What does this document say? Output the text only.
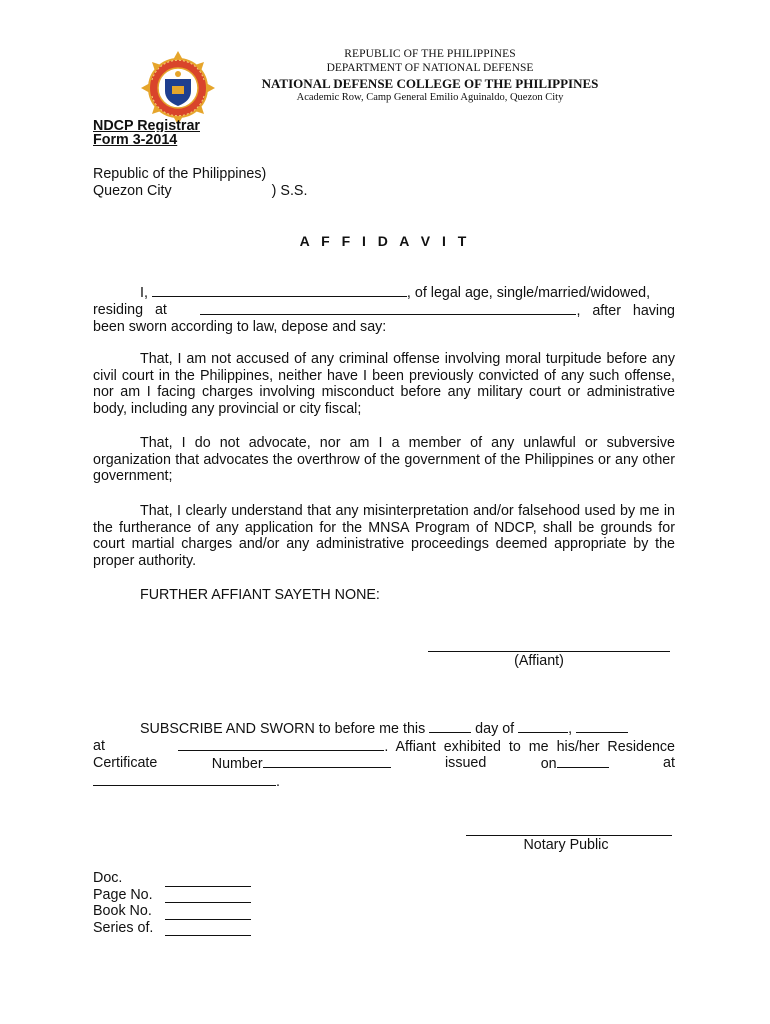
REPUBLIC OF THE PHILIPPINES
DEPARTMENT OF NATIONAL DEFENSE
NATIONAL DEFENSE COLLEGE OF THE PHILIPPINES
Academic Row, Camp General Emilio Aguinaldo, Quezon City
NDCP Registrar
Form 3-2014
Republic of the Philippines)
Quezon City	) S.S.
A F F I D A V I T
I,	, of legal age, single/married/widowed,
residing   at	,   after   having

been sworn according to law, depose and say:

That, I am not accused of any criminal offense involving moral turpitude before any civil court in the Philippines, neither have I been previously convicted of any such offense, nor am I facing charges involving misconduct before any military court or administrative body, including any provincial or city fiscal;

That, I do not advocate, nor am I a member of any unlawful or subversive organization that advocates the overthrow of the government of the Philippines or any other government;

That, I clearly understand that any misinterpretation and/or falsehood used by me in the furtherance of any application for the MNSA Program of NDCP, shall be grounds for court martial charges and/or any administrative proceedings deemed appropriate by the proper authority.

FURTHER AFFIANT SAYETH NONE:
(Affiant)
SUBSCRIBE AND SWORN to before me this	day of	,
at	.  Affiant  exhibited  to  me  his/her  Residence
Certificate	Number	issued	on	at
.
Notary Public
Doc.
Page No.
Book No.
Series of.
